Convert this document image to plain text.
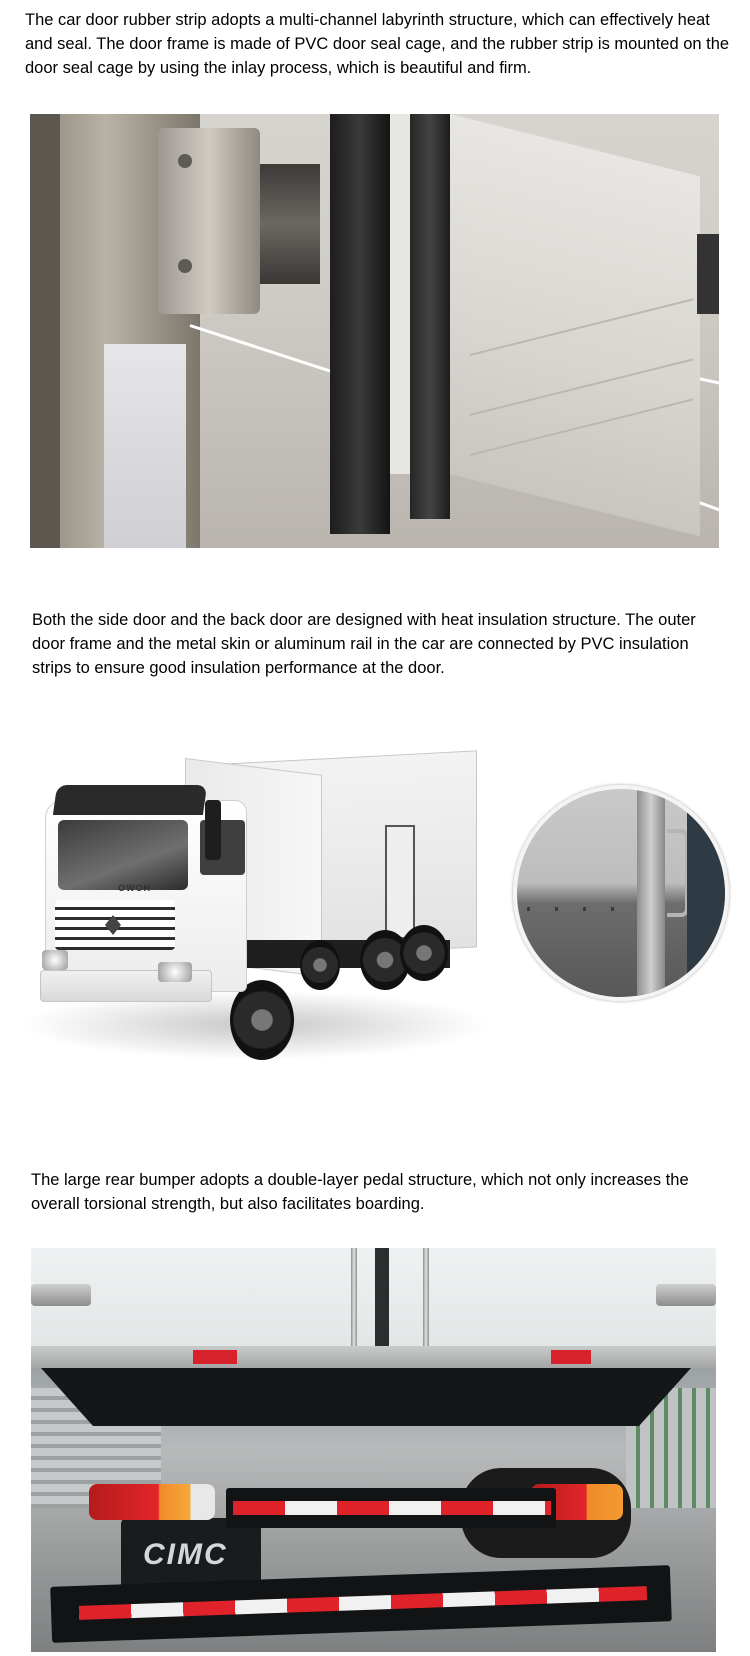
The car door rubber strip adopts a multi-channel labyrinth structure, which can effectively heat and seal. The door frame is made of PVC door seal cage, and the rubber strip is mounted on the door seal cage by using the inlay process, which is beautiful and firm.

Both the side door and the back door are designed with heat insulation structure. The outer door frame and the metal skin or aluminum rail in the car are connected by PVC insulation strips to ensure good insulation performance at the door.

OWOH

The large rear bumper adopts a double-layer pedal structure, which not only increases the overall torsional strength, but also facilitates boarding.

CIMC
